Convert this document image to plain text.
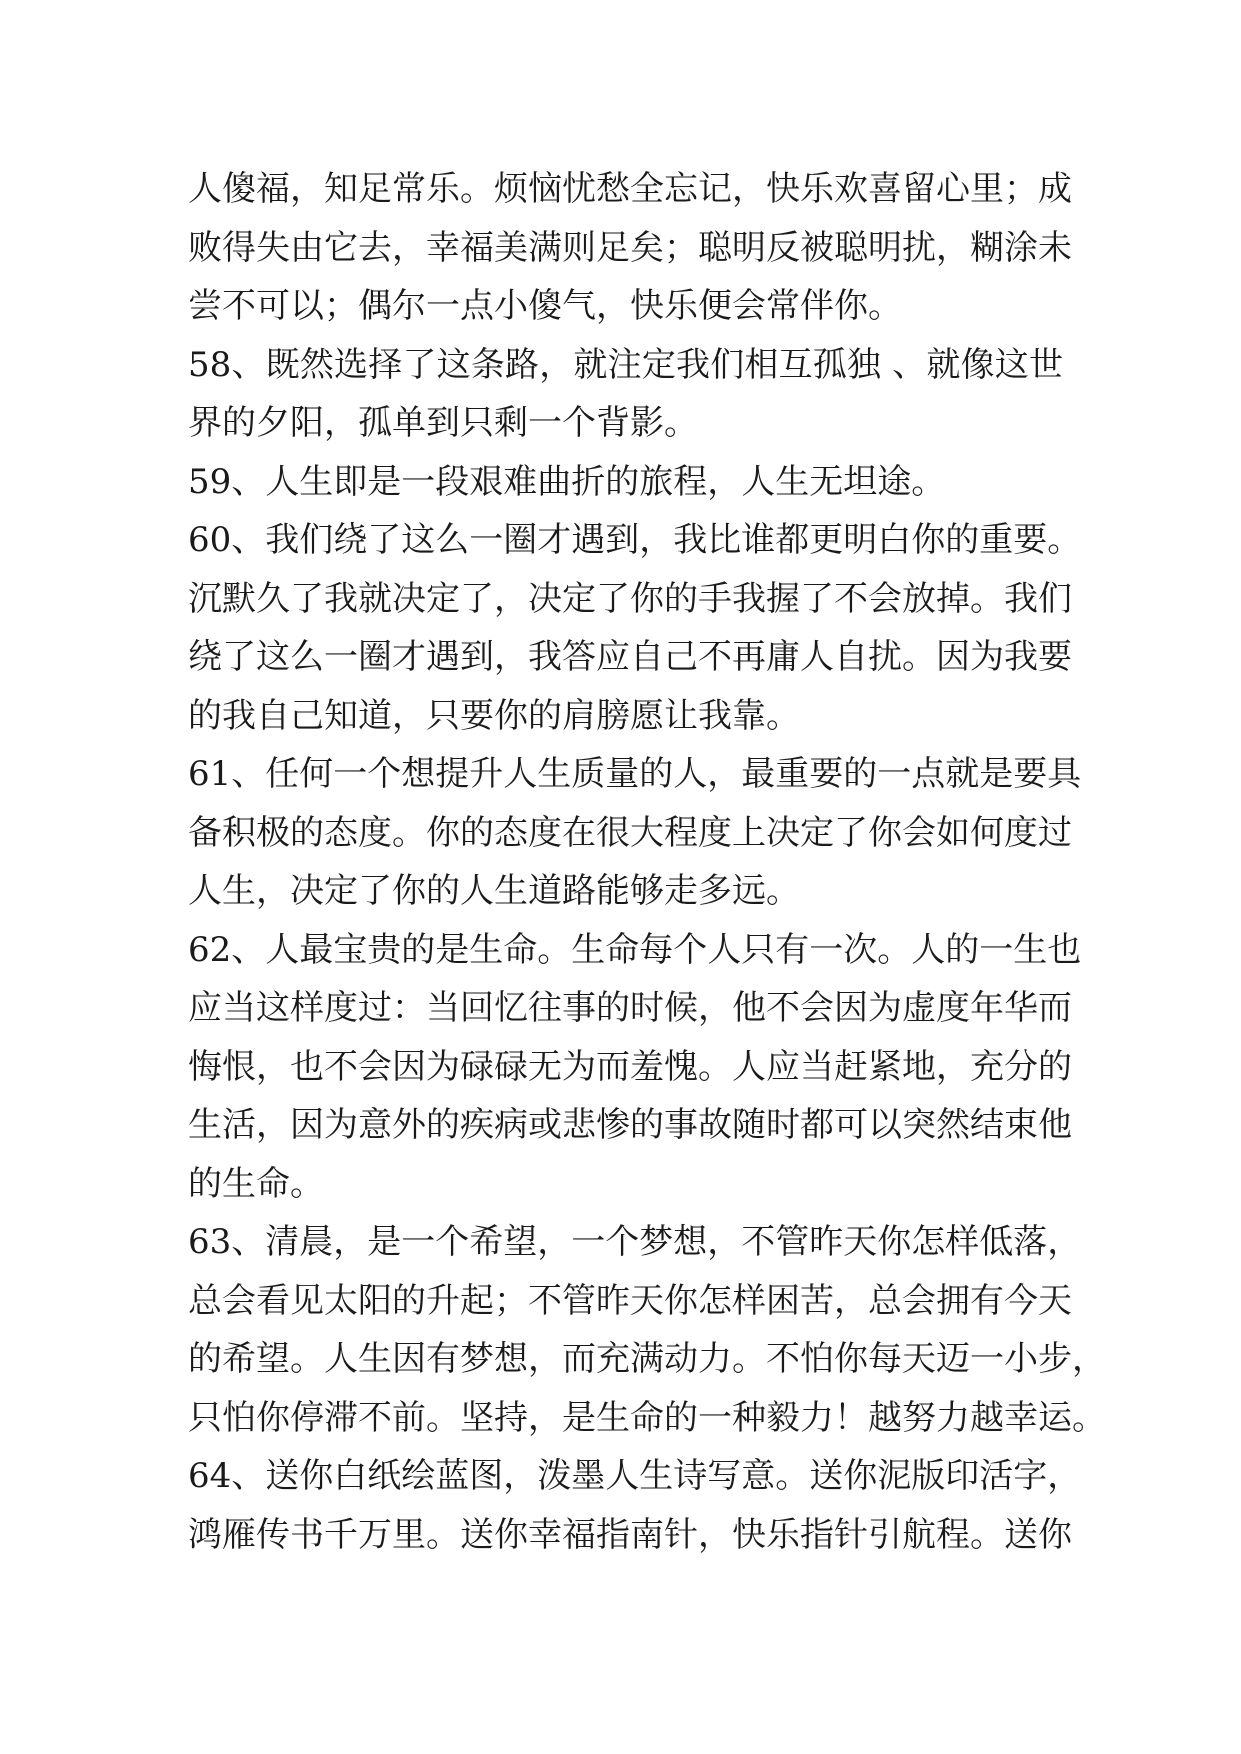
人傻福，知足常乐。烦恼忧愁全忘记，快乐欢喜留心里；成
败得失由它去，幸福美满则足矣；聪明反被聪明扰，糊涂未
尝不可以；偶尔一点小傻气，快乐便会常伴你。
58、既然选择了这条路，就注定我们相互孤独 、就像这世
界的夕阳，孤单到只剩一个背影。
59、人生即是一段艰难曲折的旅程，人生无坦途。
60、我们绕了这么一圈才遇到，我比谁都更明白你的重要。
沉默久了我就决定了，决定了你的手我握了不会放掉。我们
绕了这么一圈才遇到，我答应自己不再庸人自扰。因为我要
的我自己知道，只要你的肩膀愿让我靠。
61、任何一个想提升人生质量的人，最重要的一点就是要具
备积极的态度。你的态度在很大程度上决定了你会如何度过
人生，决定了你的人生道路能够走多远。
62、人最宝贵的是生命。生命每个人只有一次。人的一生也
应当这样度过：当回忆往事的时候，他不会因为虚度年华而
悔恨，也不会因为碌碌无为而羞愧。人应当赶紧地，充分的
生活，因为意外的疾病或悲惨的事故随时都可以突然结束他
的生命。
63、清晨，是一个希望，一个梦想，不管昨天你怎样低落，
总会看见太阳的升起；不管昨天你怎样困苦，总会拥有今天
的希望。人生因有梦想，而充满动力。不怕你每天迈一小步，
只怕你停滞不前。坚持，是生命的一种毅力！越努力越幸运。
64、送你白纸绘蓝图，泼墨人生诗写意。送你泥版印活字，
鸿雁传书千万里。送你幸福指南针，快乐指针引航程。送你
